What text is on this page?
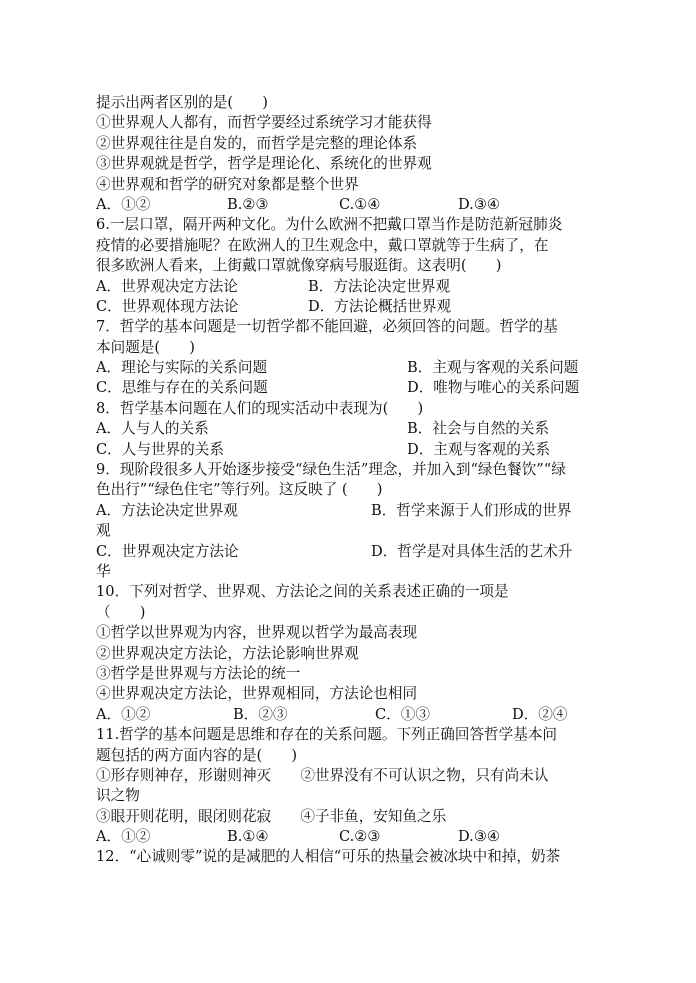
提示出两者区别的是(　　)
①世界观人人都有，而哲学要经过系统学习才能获得
②世界观往往是自发的，而哲学是完整的理论体系
③世界观就是哲学，哲学是理论化、系统化的世界观
④世界观和哲学的研究对象都是整个世界
A．①②	B.②③	C.①④	D.③④
6.一层口罩，隔开两种文化。为什么欧洲不把戴口罩当作是防范新冠肺炎
疫情的必要措施呢？在欧洲人的卫生观念中，戴口罩就等于生病了，在
很多欧洲人看来，上街戴口罩就像穿病号服逛街。这表明(　　)
A．世界观决定方法论	B．方法论决定世界观
C．世界观体现方法论	D．方法论概括世界观
7．哲学的基本问题是一切哲学都不能回避，必须回答的问题。哲学的基
本问题是(　　)
A．理论与实际的关系问题	B．主观与客观的关系问题
C．思维与存在的关系问题	D．唯物与唯心的关系问题
8．哲学基本问题在人们的现实活动中表现为(　　)
A．人与人的关系	B．社会与自然的关系
C．人与世界的关系	D．主观与客观的关系
9．现阶段很多人开始逐步接受“绿色生活”理念，并加入到“绿色餐饮”“绿
色出行”“绿色住宅”等行列。这反映了 (　　)
A．方法论决定世界观	B．哲学来源于人们形成的世界
观
C．世界观决定方法论	D．哲学是对具体生活的艺术升
华
10．下列对哲学、世界观、方法论之间的关系表述正确的一项是
（　　)
①哲学以世界观为内容，世界观以哲学为最高表现
②世界观决定方法论，方法论影响世界观
③哲学是世界观与方法论的统一
④世界观决定方法论，世界观相同，方法论也相同
A．①②	B．②③	C．①③	D．②④
11.哲学的基本问题是思维和存在的关系问题。下列正确回答哲学基本问
题包括的两方面内容的是(　　)
①形存则神存，形谢则神灭　　②世界没有不可认识之物，只有尚未认
识之物
③眼开则花明，眼闭则花寂　　④子非鱼，安知鱼之乐
A．①②	B.①④	C.②③	D.③④
12．“心诚则零”说的是减肥的人相信“可乐的热量会被冰块中和掉，奶茶
